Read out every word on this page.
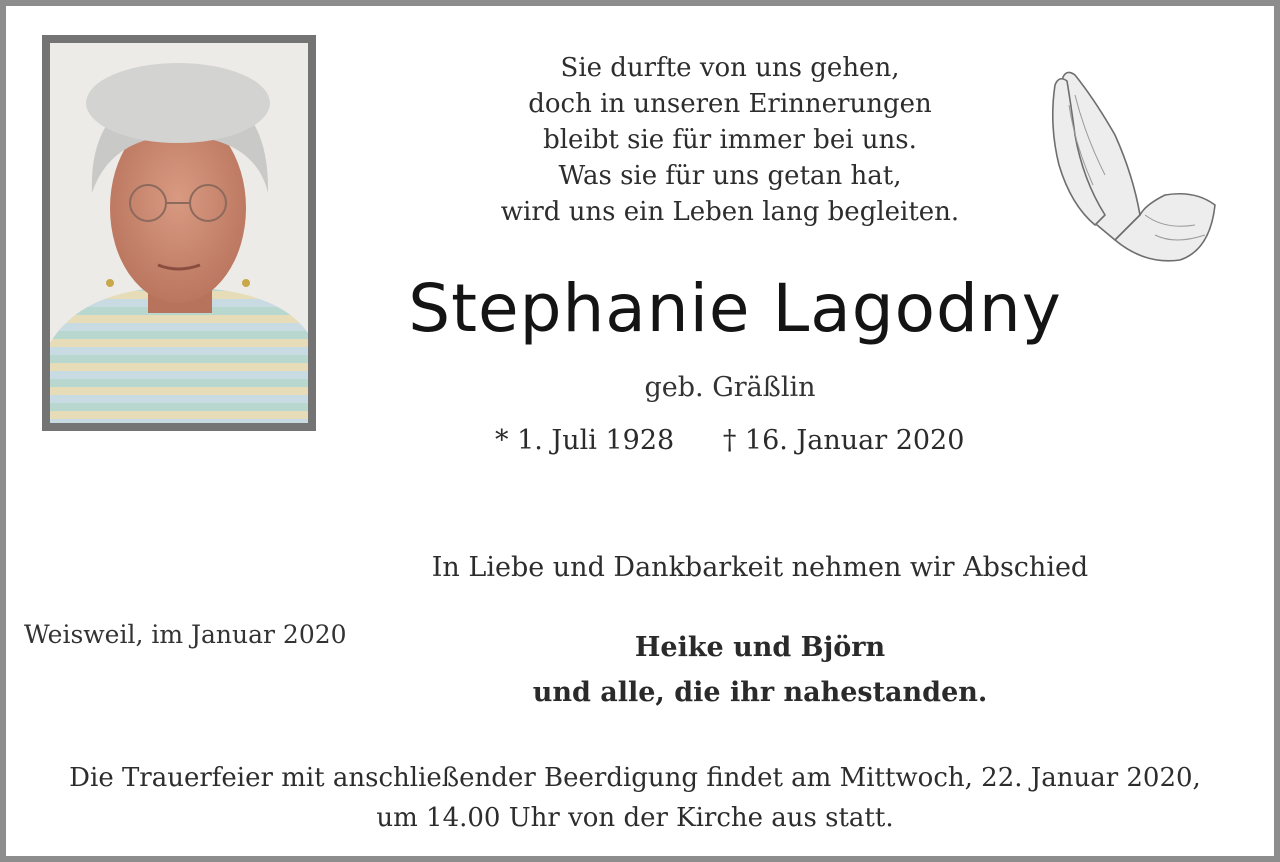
Sie durfte von uns gehen,
doch in unseren Erinnerungen
bleibt sie für immer bei uns.
Was sie für uns getan hat,
wird uns ein Leben lang begleiten.
Stephanie Lagodny
geb. Gräßlin
* 1. Juli 1928 † 16. Januar 2020
In Liebe und Dankbarkeit nehmen wir Abschied
Weisweil, im Januar 2020	Heike und Björn
und alle, die ihr nahestanden.
Die Trauerfeier mit anschließender Beerdigung findet am Mittwoch, 22. Januar 2020,
um 14.00 Uhr von der Kirche aus statt.
